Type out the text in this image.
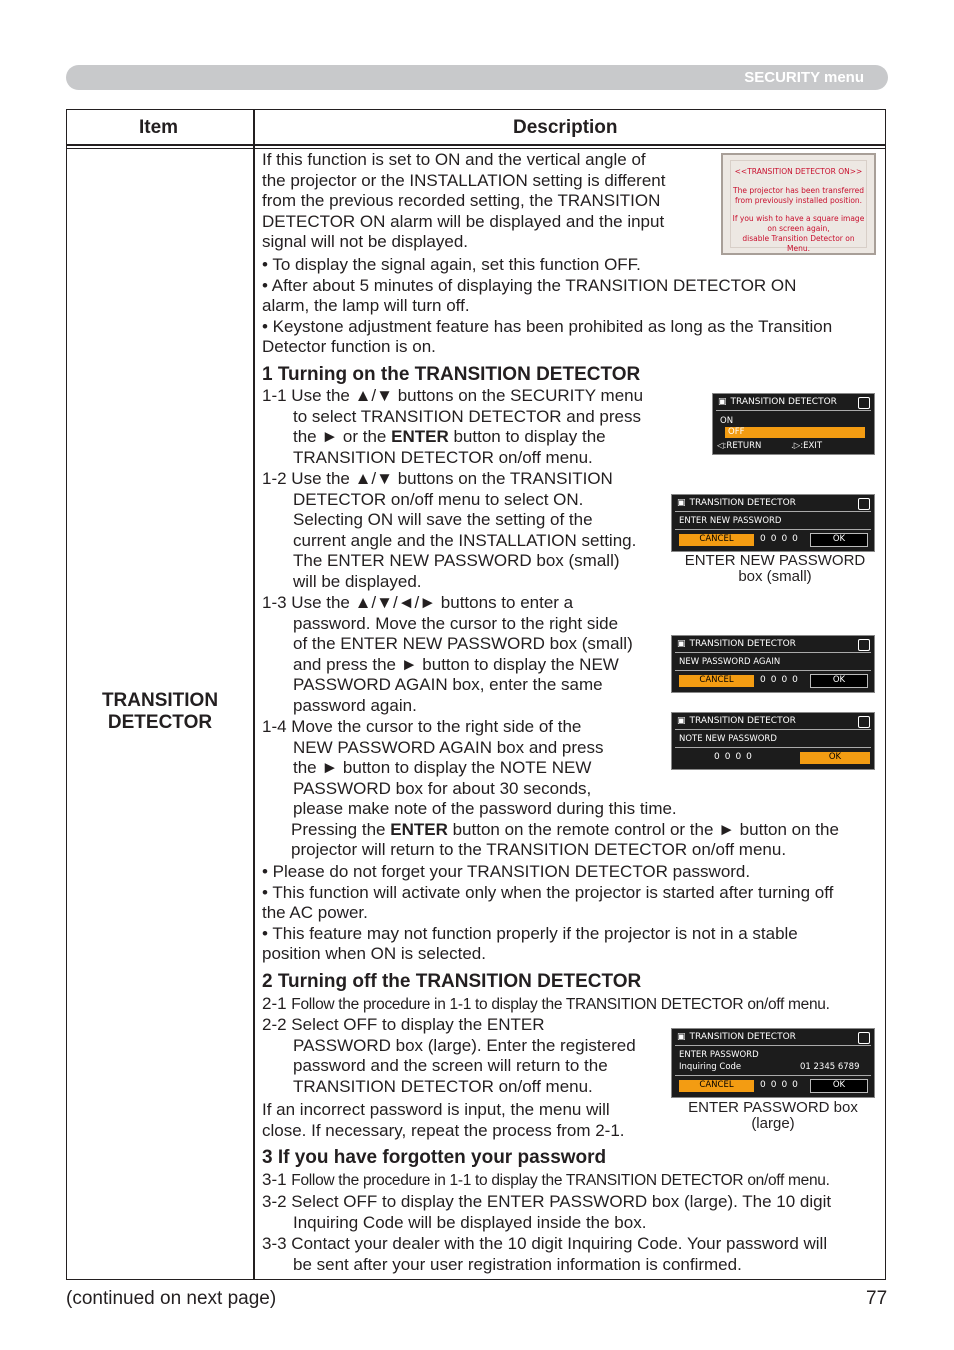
SECURITY menu
Item	Description
TRANSITION
DETECTOR
If this function is set to ON and the vertical angle of
the projector or the INSTALLATION setting is different
from the previous recorded setting, the TRANSITION
DETECTOR ON alarm will be displayed and the input
signal will not be displayed.
<<TRANSITION DETECTOR ON>>
The projector has been transferred
from previously installed position.
If you wish to have a square image
on screen again,
disable Transition Detector on Menu.
• To display the signal again, set this function OFF.
• After about 5 minutes of displaying the TRANSITION DETECTOR ON
alarm, the lamp will turn off.
• Keystone adjustment feature has been prohibited as long as the Transition
Detector function is on.
1 Turning on the TRANSITION DETECTOR
1-1 Use the ▲/▼ buttons on the SECURITY menu
to select TRANSITION DETECTOR and press
the ► or the ENTER button to display the
TRANSITION DETECTOR on/off menu.
▣ TRANSITION DETECTOR
ON
OFF
◁:RETURN	.▷:EXIT
1-2 Use the ▲/▼ buttons on the TRANSITION
DETECTOR on/off menu to select ON.
Selecting ON will save the setting of the
current angle and the INSTALLATION setting.
The ENTER NEW PASSWORD box (small)
will be displayed.
▣ TRANSITION DETECTOR
ENTER NEW PASSWORD
CANCEL	0000	OK
ENTER NEW PASSWORD
box (small)
1-3 Use the ▲/▼/◄/► buttons to enter a
password. Move the cursor to the right side
of the ENTER NEW PASSWORD box (small)
and press the ► button to display the NEW
PASSWORD AGAIN box, enter the same
password again.
▣ TRANSITION DETECTOR
NEW PASSWORD AGAIN
CANCEL	0000	OK
▣ TRANSITION DETECTOR
NOTE NEW PASSWORD
0000	OK
1-4 Move the cursor to the right side of the
NEW PASSWORD AGAIN box and press
the ► button to display the NOTE NEW
PASSWORD box for about 30 seconds,
please make note of the password during this time.
Pressing the ENTER button on the remote control or the ► button on the
projector will return to the TRANSITION DETECTOR on/off menu.
• Please do not forget your TRANSITION DETECTOR password.
• This function will activate only when the projector is started after turning off
the AC power.
• This feature may not function properly if the projector is not in a stable
position when ON is selected.
2 Turning off the TRANSITION DETECTOR
2-1 Follow the procedure in 1-1 to display the TRANSITION DETECTOR on/off menu.
2-2 Select OFF to display the ENTER
PASSWORD box (large). Enter the registered
password and the screen will return to the
TRANSITION DETECTOR on/off menu.
If an incorrect password is input, the menu will
close. If necessary, repeat the process from 2-1.
▣ TRANSITION DETECTOR
ENTER PASSWORD
Inquiring Code	01 2345 6789
CANCEL	0000	OK
ENTER PASSWORD box
(large)
3 If you have forgotten your password
3-1 Follow the procedure in 1-1 to display the TRANSITION DETECTOR on/off menu.
3-2 Select OFF to display the ENTER PASSWORD box (large). The 10 digit
Inquiring Code will be displayed inside the box.
3-3 Contact your dealer with the 10 digit Inquiring Code. Your password will
be sent after your user registration information is confirmed.
(continued on next page)	77
